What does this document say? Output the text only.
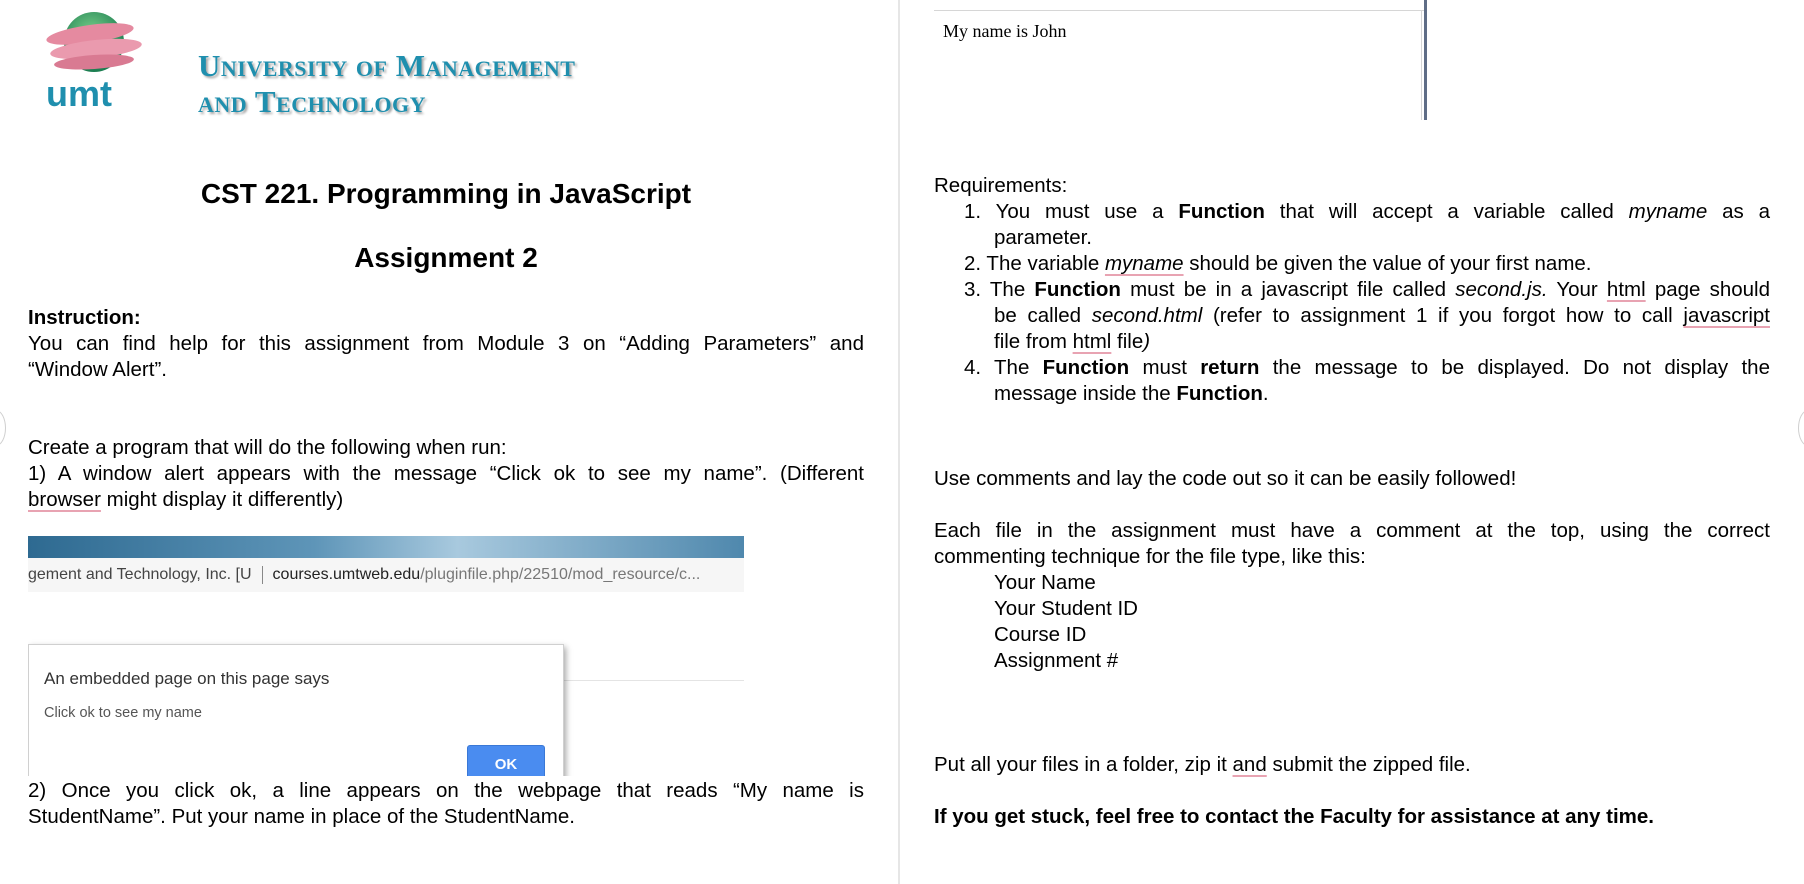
umt
University of Management
and Technology
CST 221. Programming in JavaScript
Assignment 2
Instruction:
You can find help for this assignment from Module 3 on “Adding Parameters” and
“Window Alert”.
Create a program that will do the following when run:
1) A window alert appears with the message “Click ok to see my name”. (Different
browser might display it differently)
gement and Technology, Inc. [U courses.umtweb.edu/pluginfile.php/22510/mod_resource/c...
An embedded page on this page says
Click ok to see my name
OK
2) Once you click ok, a line appears on the webpage that reads “My name is
StudentName”. Put your name in place of the StudentName.
My name is John
Requirements:
1. You must use a Function that will accept a variable called myname as a
parameter.
2. The variable myname should be given the value of your first name.
3. The Function must be in a javascript file called second.js. Your html page should
be called second.html (refer to assignment 1 if you forgot how to call javascript
file from html file)
4. The Function must return the message to be displayed. Do not display the
message inside the Function.
Use comments and lay the code out so it can be easily followed!
Each file in the assignment must have a comment at the top, using the correct
commenting technique for the file type, like this:
Your Name
Your Student ID
Course ID
Assignment #
Put all your files in a folder, zip it and submit the zipped file.
If you get stuck, feel free to contact the Faculty for assistance at any time.
